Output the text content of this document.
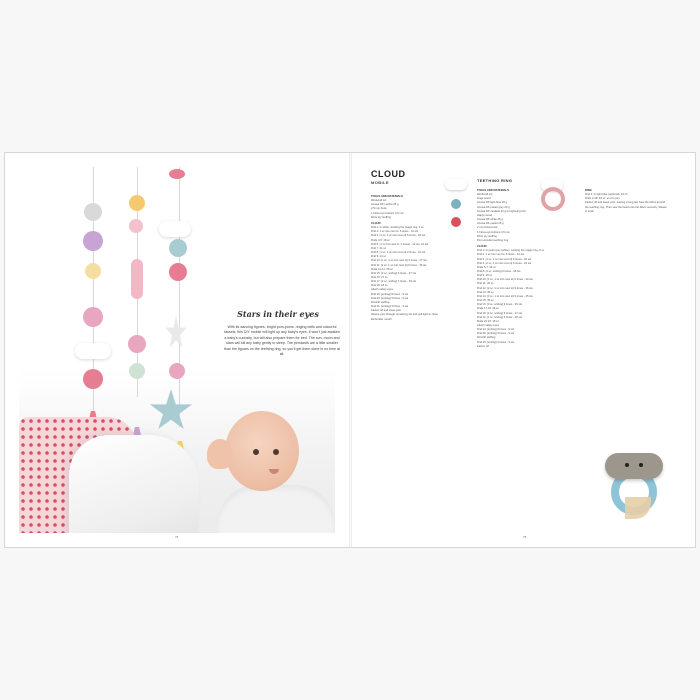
Stars in their eyes
With its dancing figures, bright pom-poms, ringing bells and colourful tassels, this DIY mobile will light up any baby's eyes. It won't just awaken a baby's curiosity, but will also prepare them for bed. The sun, moon and stars will lull any baby gently to sleep. The pendants are a little smaller than the figures on the teething ring, so you'll get them done in no time at all.
74
CLOUD
MOBILE	TEETHING RING
TOOLS AND MATERIALS
Woolcraft Art
Anuwa DK Lambs 25 g
2.5 mm hook
1 Floss eye buttons 4.5 mm
Fibre toy stuffing
CLOUD
Rnd 1: In white, working the magic ring, 6 sc
Rnd 2: 1 sc into next st, 6 times - 12 sts
Rnd 3: [1 sc, 1 sc into next st] 6 times - 18 sts
Rnds 4-5: 18 sc
Rnd 6: [1 sc into next st, 2 times] - 12 sts, 21 sts
Rnd 7: 21 sc
Rnd 8: [1 sc, 1 sc into next st] 3 times - 24 sts
Rnd 9: 24 sc
Rnd 10: [1 sc, 1 sc into next st] 3 times - 27 sts
Rnd 11: [2 sc, 1 sc into next st] 9 times - 36 sts
Rnds 12-14: 36 sc
Rnd 15: [2 sc, sc2tog] 9 times - 27 sts
Rnd 16: 27 sc
Rnd 17: [2 sc, sc2tog] 3 times - 18 sts
Rnd 18: 18 sc
Attach safety eyes
Rnd 19: [sc2tog] 9 times - 9 sts
Rnd 20: [sc2tog] 3 times - 6 sts
Fill with stuffing
Rnd 21: [sc2tog] 3 times - 3 sts
Fasten off and close yarn
Weave yarn through remaining sts and pull tight to close
Embroider mouth
TOOLS AND MATERIALS
Woolcraft Art
Hugs wood
Anuwa DK light blue 20 g
Anuwa DK pastel grey 20 g
Anuwa DK candela 20 g for lightning bolt
Happy wood
Anuwa DK white 25 g
Anuwa DK pastel 25 g
2 mm Floss hook
1 Floss eye buttons 4.5 mm
Fibre toy stuffing
Pom wooden teething ring
CLOUD
Rnd 1: In pearl grey (white), working the magic ring, 6 sc
Rnd 2: 1 sc into next st, 6 times - 12 sts
Rnd 3: [1 sc, 1 sc into next st] 6 times - 18 sts
Rnd 4: [2 sc, 1 sc into next st] 6 times - 24 sts
Rnds 5-7: 24 sc
Rnd 8: [2 sc, sc2tog] 6 times - 18 sts
Rnd 9: 18 sc
Rnd 10: [1 sc, 1 sc into next st] 6 times - 30 sts
Rnd 11: 30 sc
Rnd 12: [2 sc, 1 sc into next st] 9 times - 36 sts
Rnd 13: 36 sc
Rnd 14: [3 sc, 1 sc into next st] 9 times - 45 sts
Rnd 15: 45 sc
Rnd 16: [3 sc, sc2tog] 9 times - 36 sts
Rnds 17-19: 36 sc
Rnd 20: [2 sc, sc2tog] 9 times - 27 sts
Rnd 21: [1 sc, sc2tog] 9 times - 18 sts
Rnds 22-23: 18 sc
Attach safety eyes
Rnd 24: [sc2tog] 9 times - 9 sts
Rnd 25: [sc2tog] 3 times - 6 sts
Fill with stuffing
Rnd 26: [sc2tog] 3 times - 3 sts
Fasten off
RING
Rnd 1: In light blue (optional), 34 ch
Rnds 2-18: 34 sc, sl st to join
Fasten off and leave yarn, leaving a long tail. Sew the fabric around the teething ring. Then sew the head onto the fabric securely. Weave in ends.
75
